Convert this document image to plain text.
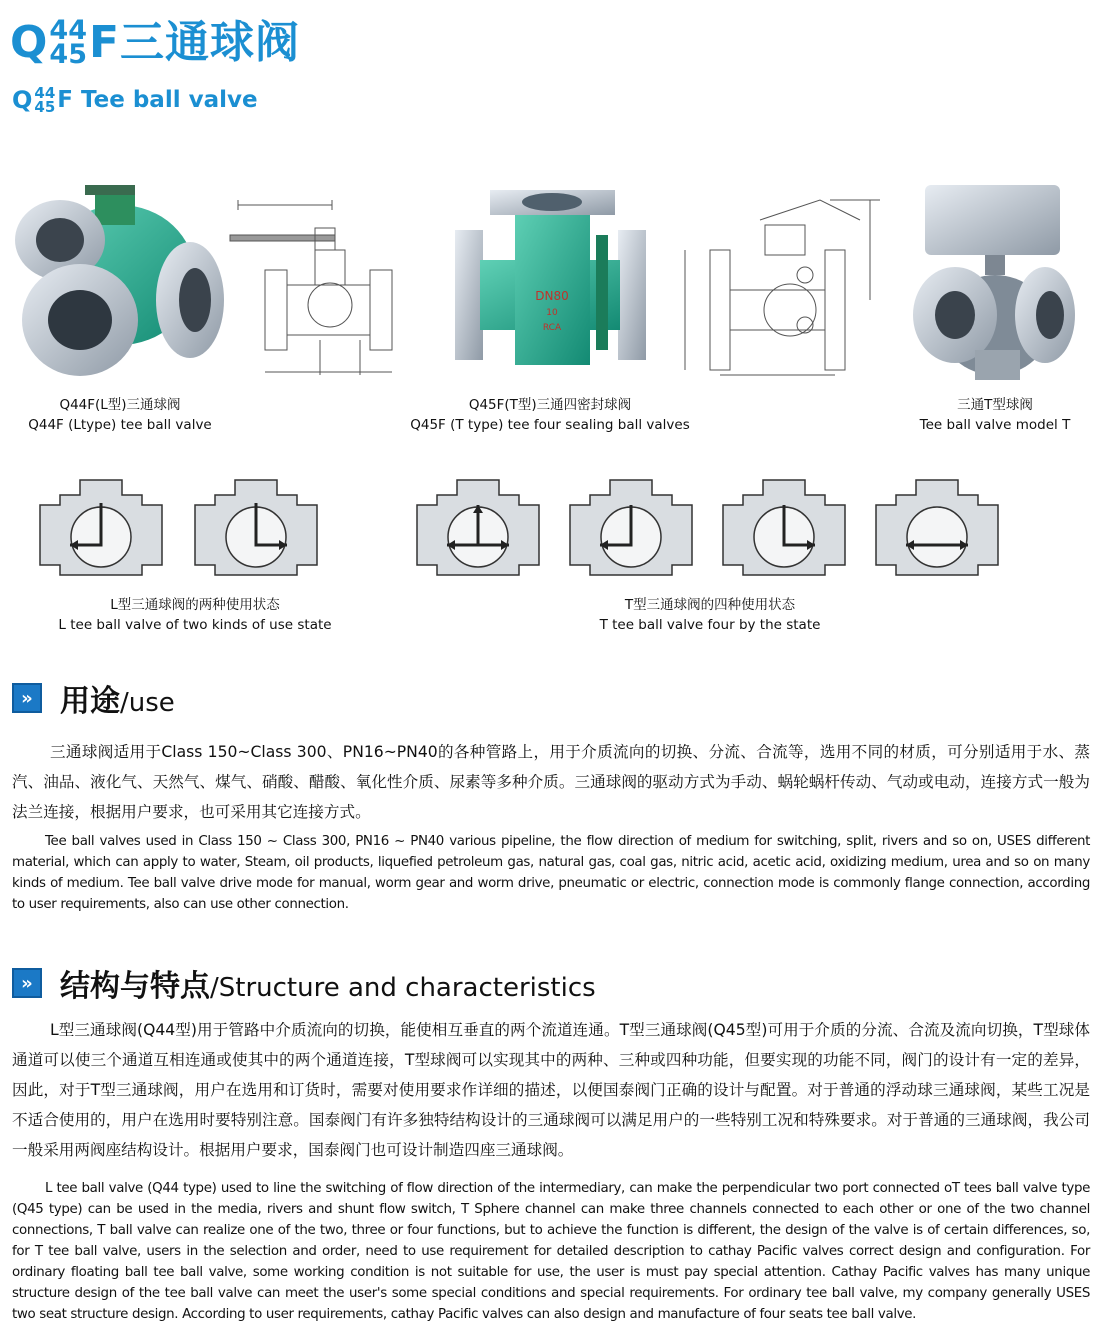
Q 44
45 F三通球阀
Q 44
45 F Tee ball valve
DN80
10
RCA
Q44F(L型)三通球阀
Q44F (Ltype) tee ball valve
Q45F(T型)三通四密封球阀
Q45F (T type) tee four sealing ball valves
三通T型球阀
Tee ball valve model T
L型三通球阀的两种使用状态
L tee ball valve of two kinds of use state
T型三通球阀的四种使用状态
T tee ball valve four by the state
» 用途/use
三通球阀适用于Class 150~Class 300、PN16~PN40的各种管路上，用于介质流向的切换、分流、合流等，选用不同的材质，可分别适用于水、蒸汽、油品、液化气、天然气、煤气、硝酸、醋酸、氧化性介质、尿素等多种介质。三通球阀的驱动方式为手动、蜗轮蜗杆传动、气动或电动，连接方式一般为法兰连接，根据用户要求，也可采用其它连接方式。
Tee ball valves used in Class 150 ~ Class 300, PN16 ~ PN40 various pipeline, the flow direction of medium for switching, split, rivers and so on, USES different material, which can apply to water, Steam, oil products, liquefied petroleum gas, natural gas, coal gas, nitric acid, acetic acid, oxidizing medium, urea and so on many kinds of medium. Tee ball valve drive mode for manual, worm gear and worm drive, pneumatic or electric, connection mode is commonly flange connection, according to user requirements, also can use other connection.
» 结构与特点/Structure and characteristics
L型三通球阀(Q44型)用于管路中介质流向的切换，能使相互垂直的两个流道连通。T型三通球阀(Q45型)可用于介质的分流、合流及流向切换，T型球体通道可以使三个通道互相连通或使其中的两个通道连接，T型球阀可以实现其中的两种、三种或四种功能，但要实现的功能不同，阀门的设计有一定的差异，因此，对于T型三通球阀，用户在选用和订货时，需要对使用要求作详细的描述，以便国泰阀门正确的设计与配置。对于普通的浮动球三通球阀，某些工况是不适合使用的，用户在选用时要特别注意。国泰阀门有许多独特结构设计的三通球阀可以满足用户的一些特别工况和特殊要求。对于普通的三通球阀，我公司一般采用两阀座结构设计。根据用户要求，国泰阀门也可设计制造四座三通球阀。
L tee ball valve (Q44 type) used to line the switching of flow direction of the intermediary, can make the perpendicular two port connected oT tees ball valve type (Q45 type) can be used in the media, rivers and shunt flow switch, T Sphere channel can make three channels connected to each other or one of the two channel connections, T ball valve can realize one of the two, three or four functions, but to achieve the function is different, the design of the valve is of certain differences, so, for T tee ball valve, users in the selection and order, need to use requirement for detailed description to cathay Pacific valves correct design and configuration. For ordinary floating ball tee ball valve, some working condition is not suitable for use, the user is must pay special attention. Cathay Pacific valves has many unique structure design of the tee ball valve can meet the user's some special conditions and special requirements. For ordinary tee ball valve, my company generally USES two seat structure design. According to user requirements, cathay Pacific valves can also design and manufacture of four seats tee ball valve.
